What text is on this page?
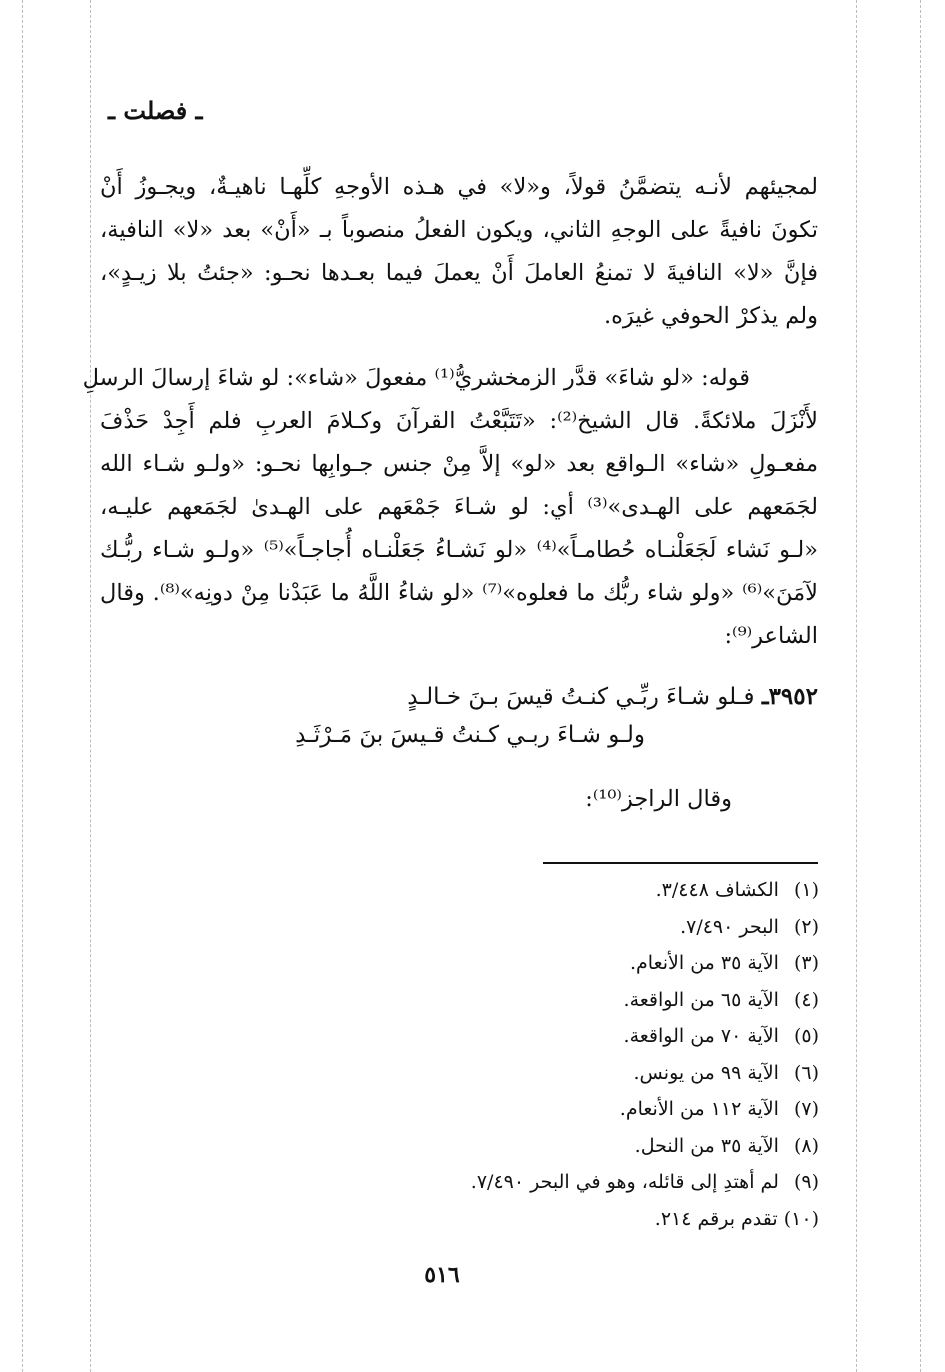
ـ فصلت ـ
لمجيئهم لأنـه يتضمَّنُ قولاً، و«لا» في هـذه الأوجهِ كلِّهـا ناهيـةٌ، ويجـوزُ أَنْ
تكونَ نافيةً على الوجهِ الثاني، ويكون الفعلُ منصوباً بـ «أَنْ» بعد «لا» النافية،
فإنَّ «لا» النافيةَ لا تمنعُ العاملَ أَنْ يعملَ فيما بعـدها نحـو: «جئتُ بلا زيـدٍ»،
ولم يذكرْ الحوفي غيرَه.
قوله: «لو شاءَ» قدَّر الزمخشريُّ⁽¹⁾ مفعولَ «شاء»: لو شاءَ إرسالَ الرسلِ
لأَنْزَلَ ملائكةً. قال الشيخ⁽²⁾: «تَتَبَّعْتُ القرآنَ وكـلامَ العربِ فلم أَجِدْ حَذْفَ
مفعـولِ «شاء» الـواقع بعد «لو» إلاَّ مِنْ جنس جـوابِها نحـو: «ولـو شـاء الله
لجَمَعهم على الهـدى»⁽³⁾ أي: لو شـاءَ جَمْعَهم على الهـدىٰ لجَمَعهم عليـه،
«لـو نَشاء لَجَعَلْنـاه حُطامـاً»⁽⁴⁾ «لو نَشـاءُ جَعَلْنـاه أُجاجـاً»⁽⁵⁾ «ولـو شـاء ربُّـك
لآمَنَ»⁽⁶⁾ «ولو شاء ربُّك ما فعلوه»⁽⁷⁾ «لو شاءُ اللَّهُ ما عَبَدْنا مِنْ دونِه»⁽⁸⁾. وقال
الشاعر⁽⁹⁾:
٣٩٥٢ـ فـلو شـاءَ ربِّـي كنـتُ قيسَ بـنَ خـالـدٍ
ولـو شـاءَ ربـي كـنتُ قـيسَ بنَ مَـرْثَـدِ
وقال الراجز⁽¹⁰⁾:
(١) الكشاف ٣/٤٤٨.
(٢) البحر ٧/٤٩٠.
(٣) الآية ٣٥ من الأنعام.
(٤) الآية ٦٥ من الواقعة.
(٥) الآية ٧٠ من الواقعة.
(٦) الآية ٩٩ من يونس.
(٧) الآية ١١٢ من الأنعام.
(٨) الآية ٣٥ من النحل.
(٩) لم أهتدِ إلى قائله، وهو في البحر ٧/٤٩٠.
(١٠) تقدم برقم ٢١٤.
٥١٦
